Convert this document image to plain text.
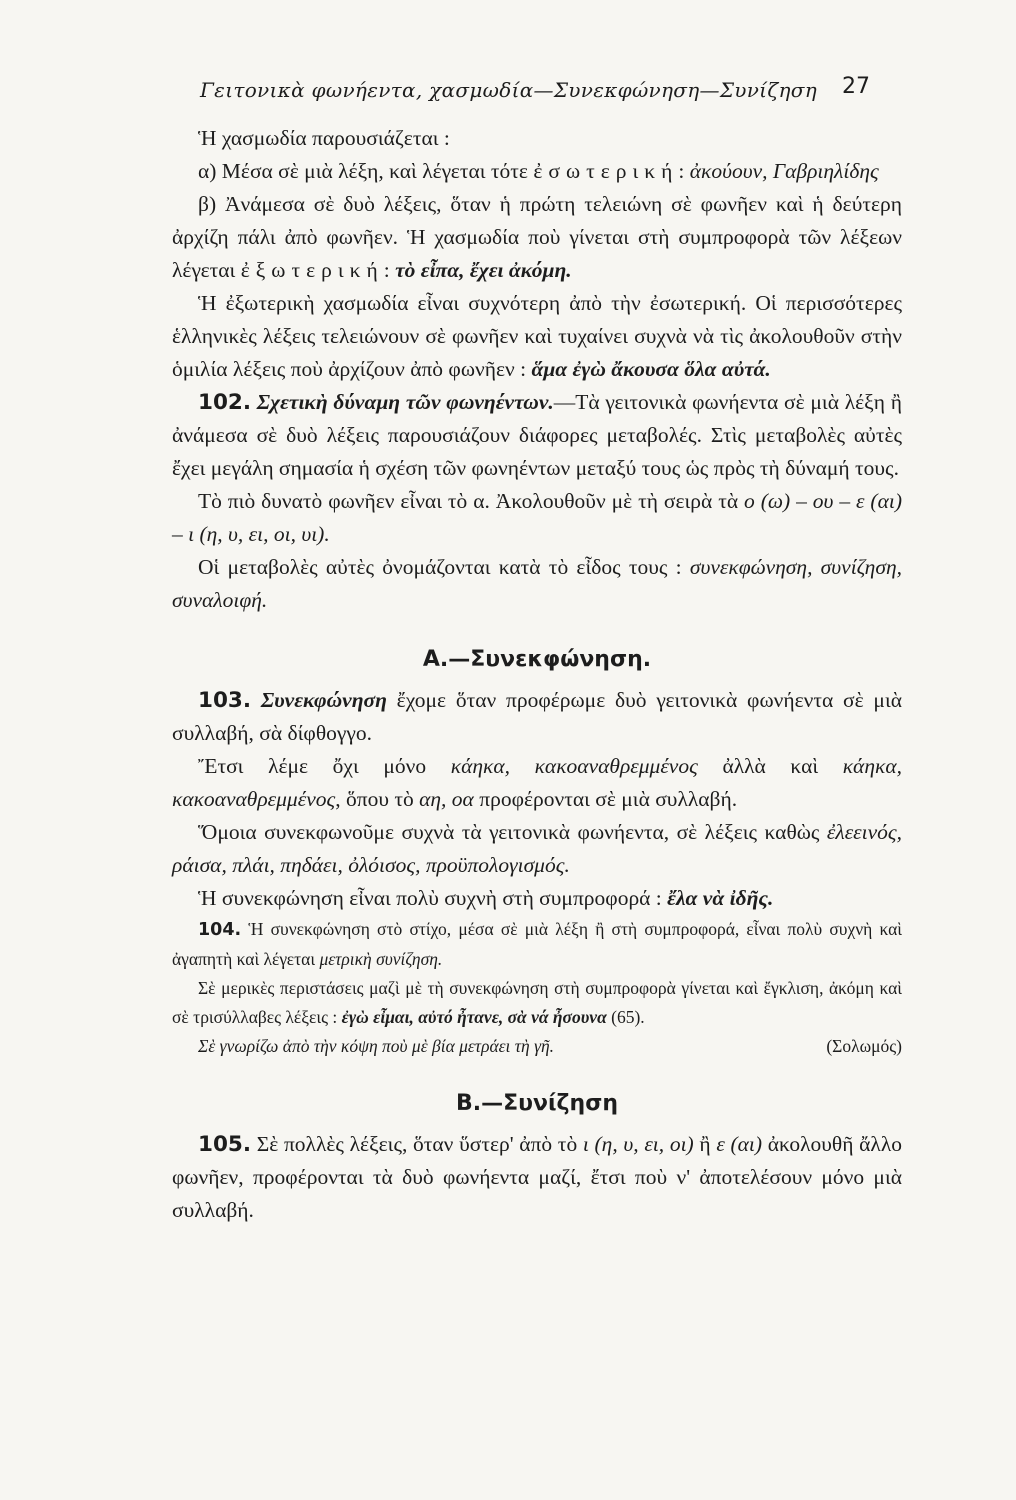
Γειτονικὰ φωνήεντα, χασμωδία—Συνεκφώνηση—Συνίζηση	27

Ἡ χασμωδία παρουσιάζεται :

α) Μέσα σὲ μιὰ λέξη, καὶ λέγεται τότε ἐσωτερική: ἀκούουν, Γαβριηλίδης

β) Ἀνάμεσα σὲ δυὸ λέξεις, ὅταν ἡ πρώτη τελειώνη σὲ φωνῆεν καὶ ἡ δεύτερη ἀρχίζη πάλι ἀπὸ φωνῆεν. Ἡ χασμωδία ποὺ γίνεται στὴ συμπροφορὰ τῶν λέξεων λέγεται ἐξωτερική: τὸ εἶπα, ἔχει ἀκόμη.

Ἡ ἐξωτερικὴ χασμωδία εἶναι συχνότερη ἀπὸ τὴν ἐσωτερική. Οἱ περισσότερες ἑλληνικὲς λέξεις τελειώνουν σὲ φωνῆεν καὶ τυχαίνει συχνὰ νὰ τὶς ἀκολουθοῦν στὴν ὁμιλία λέξεις ποὺ ἀρχίζουν ἀπὸ φωνῆεν : ἅμα ἐγὼ ἄκουσα ὅλα αὐτά.

102. Σχετικὴ δύναμη τῶν φωνηέντων.—Τὰ γειτονικὰ φωνήεντα σὲ μιὰ λέξη ἢ ἀνάμεσα σὲ δυὸ λέξεις παρουσιάζουν διάφορες μεταβολές. Στὶς μεταβολὲς αὐτὲς ἔχει μεγάλη σημασία ἡ σχέση τῶν φωνηέντων μεταξύ τους ὡς πρὸς τὴ δύναμή τους.

Τὸ πιὸ δυνατὸ φωνῆεν εἶναι τὸ α. Ἀκολουθοῦν μὲ τὴ σειρὰ τὰ ο (ω) – ου – ε (αι) – ι (η, υ, ει, οι, υι).

Οἱ μεταβολὲς αὐτὲς ὀνομάζονται κατὰ τὸ εἶδος τους : συνεκφώνηση, συνίζηση, συναλοιφή.

Α.—Συνεκφώνηση.

103. Συνεκφώνηση ἔχομε ὅταν προφέρωμε δυὸ γειτονικὰ φωνήεντα σὲ μιὰ συλλαβή, σὰ δίφθογγο.

Ἔτσι λέμε ὄχι μόνο κάηκα, κακοαναθρεμμένος ἀλλὰ καὶ κάηκα, κακοαναθρεμμένος, ὅπου τὸ αη, οα προφέρονται σὲ μιὰ συλλαβή.

Ὅμοια συνεκφωνοῦμε συχνὰ τὰ γειτονικὰ φωνήεντα, σὲ λέξεις καθὼς ἐλεεινός, ράισα, πλάι, πηδάει, ὀλόισος, προϋπολογισμός.

Ἡ συνεκφώνηση εἶναι πολὺ συχνὴ στὴ συμπροφορά : ἔλα νὰ ἰδῆς.

104. Ἡ συνεκφώνηση στὸ στίχο, μέσα σὲ μιὰ λέξη ἢ στὴ συμπροφορά, εἶναι πολὺ συχνὴ καὶ ἀγαπητὴ καὶ λέγεται μετρικὴ συνίζηση.

Σὲ μερικὲς περιστάσεις μαζὶ μὲ τὴ συνεκφώνηση στὴ συμπροφορὰ γίνεται καὶ ἔγκλιση, ἀκόμη καὶ σὲ τρισύλλαβες λέξεις : ἐγὼ εἶμαι, αὐτό ἦτανε, σὰ νά ἦσουνα (65).

Σὲ γνωρίζω ἀπὸ τὴν κόψη ποὺ μὲ βία μετράει τὴ γῆ.	(Σολωμός)

Β.—Συνίζηση

105. Σὲ πολλὲς λέξεις, ὅταν ὕστερ' ἀπὸ τὸ ι (η, υ, ει, οι) ἢ ε (αι) ἀκολουθῆ ἄλλο φωνῆεν, προφέρονται τὰ δυὸ φωνήεντα μαζί, ἔτσι ποὺ ν' ἀποτελέσουν μόνο μιὰ συλλαβή.
